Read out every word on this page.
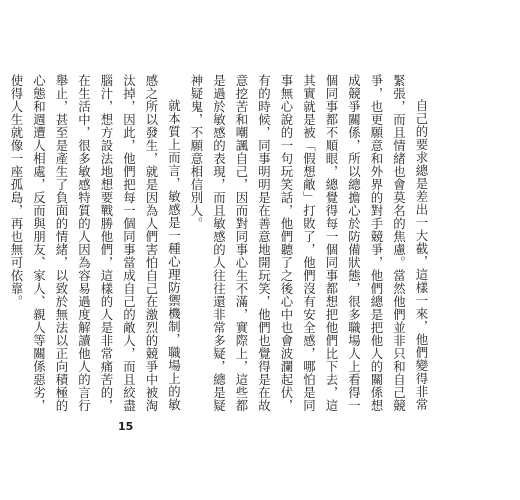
自己的要求總是差出一大截，這樣一來，他們變得非常緊張，而且情緒也會莫名的焦慮。當然他們並非只和自己競爭，也更願意和外界的對手競爭，他們總是把他人的關係想成競爭關係，所以總擔心於防備狀態，很多職場人上看得一個同事都不順眼，總覺得每一個同事都想把他們比下去，這其實就是被「假想敵」打敗了，他們沒有安全感，哪怕是同事無心說的一句玩笑話，他們聽了之後心中也會波瀾起伏，有的時候，同事明明是在善意地開玩笑，他們也覺得是在故意挖苦和嘲諷自己，因而對同事心生不滿，實際上，這些都是過於敏感的表現，而且敏感的人往往還非常多疑，總是疑神疑鬼，不願意相信別人。

就本質上而言，敏感是一種心理防禦機制，職場上的敏感之所以發生，就是因為人們害怕自己在激烈的競爭中被淘汰掉，因此，他們把每一個同事當成自己的敵人，而且絞盡腦汁，想方設法地想要戰勝他們，這樣的人是非常痛苦的，在生活中，很多敏感特質的人因為容易過度解讀他人的言行舉止，甚至是產生了負面的情緒，以致於無法以正向積極的心態和週遭人相處，反而與朋友、家人、親人等關係惡劣，使得人生就像一座孤島，再也無可依靠。

15
